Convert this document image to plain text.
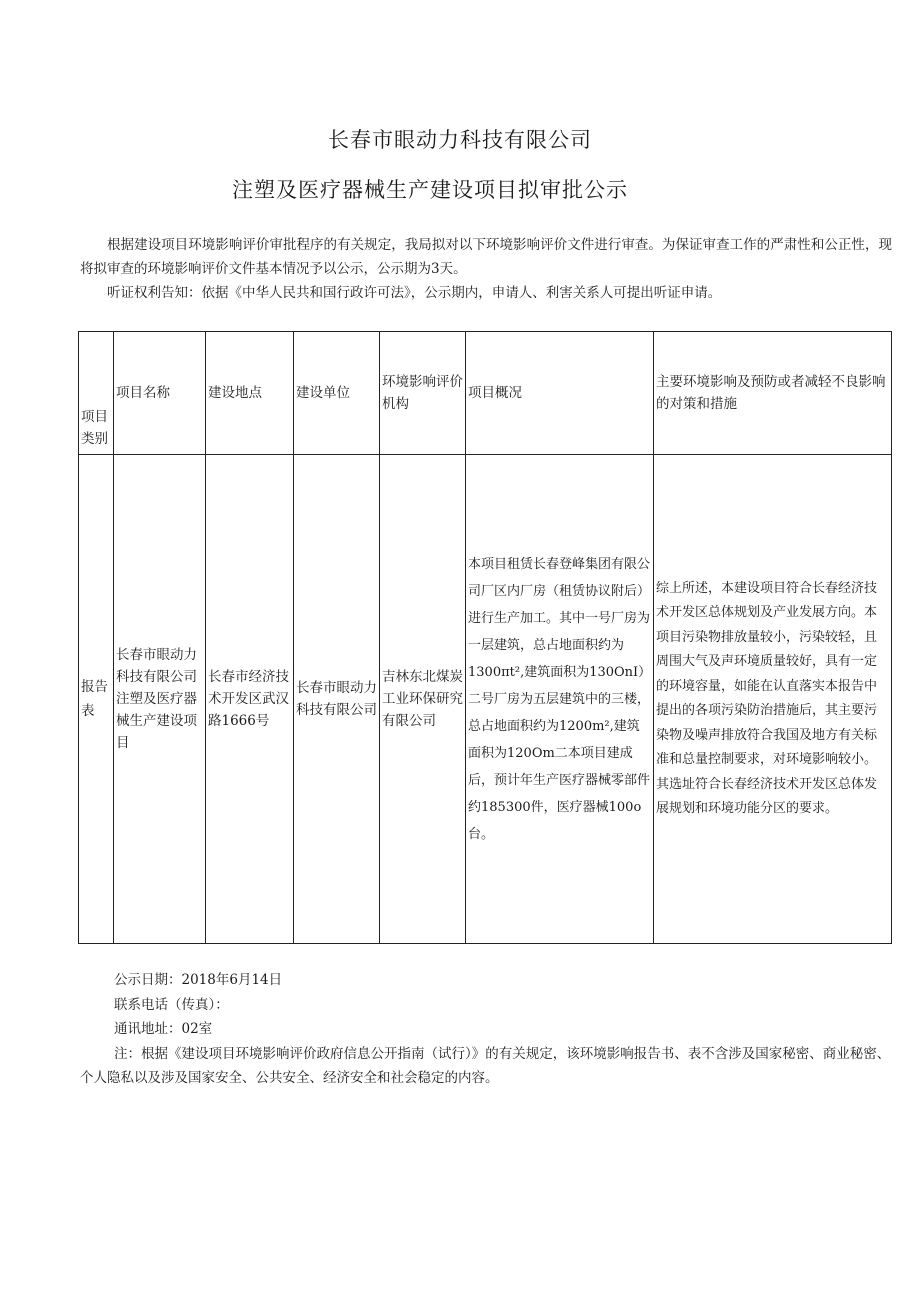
长春市眼动力科技有限公司
注塑及医疗器械生产建设项目拟审批公示

根据建设项目环境影响评价审批程序的有关规定，我局拟对以下环境影响评价文件进行审查。为保证审查工作的严肃性和公正性，现将拟审查的环境影响评价文件基本情况予以公示，公示期为3天。

听证权利告知：依据《中华人民共和国行政许可法》，公示期内，申请人、利害关系人可提出听证申请。

项目类别	项目名称	建设地点	建设单位	环境影响评价机构	项目概况	主要环境影响及预防或者减轻不良影响的对策和措施

报告表	长春市眼动力科技有限公司注塑及医疗器械生产建设项目	长春市经济技术开发区武汉路1666号	长春市眼动力科技有限公司	吉林东北煤炭工业环保研究有限公司	本项目租赁长春登峰集团有限公司厂区内厂房（租赁协议附后）进行生产加工。其中一号厂房为一层建筑，总占地面积约为1300πt²,建筑面积为130OnI）二号厂房为五层建筑中的三楼，总占地面积约为1200m²,建筑面积为120Om二本项目建成后，预计年生产医疗器械零部件约185300件，医疗器械100o台。	综上所述，本建设项目符合长春经济技术开发区总体规划及产业发展方向。本项目污染物排放量较小，污染较轻，且周围大气及声环境质量较好，具有一定的环境容量，如能在认直落实本报告中提出的各项污染防治措施后，其主要污染物及噪声排放符合我国及地方有关标准和总量控制要求，对环境影响较小。其选址符合长春经济技术开发区总体发展规划和环境功能分区的要求。

公示日期：2018年6月14日

联系电话（传真）：

通讯地址：02室

注：根据《建设项目环境影响评价政府信息公开指南（试行）》的有关规定，该环境影响报告书、表不含涉及国家秘密、商业秘密、个人隐私以及涉及国家安全、公共安全、经济安全和社会稳定的内容。
